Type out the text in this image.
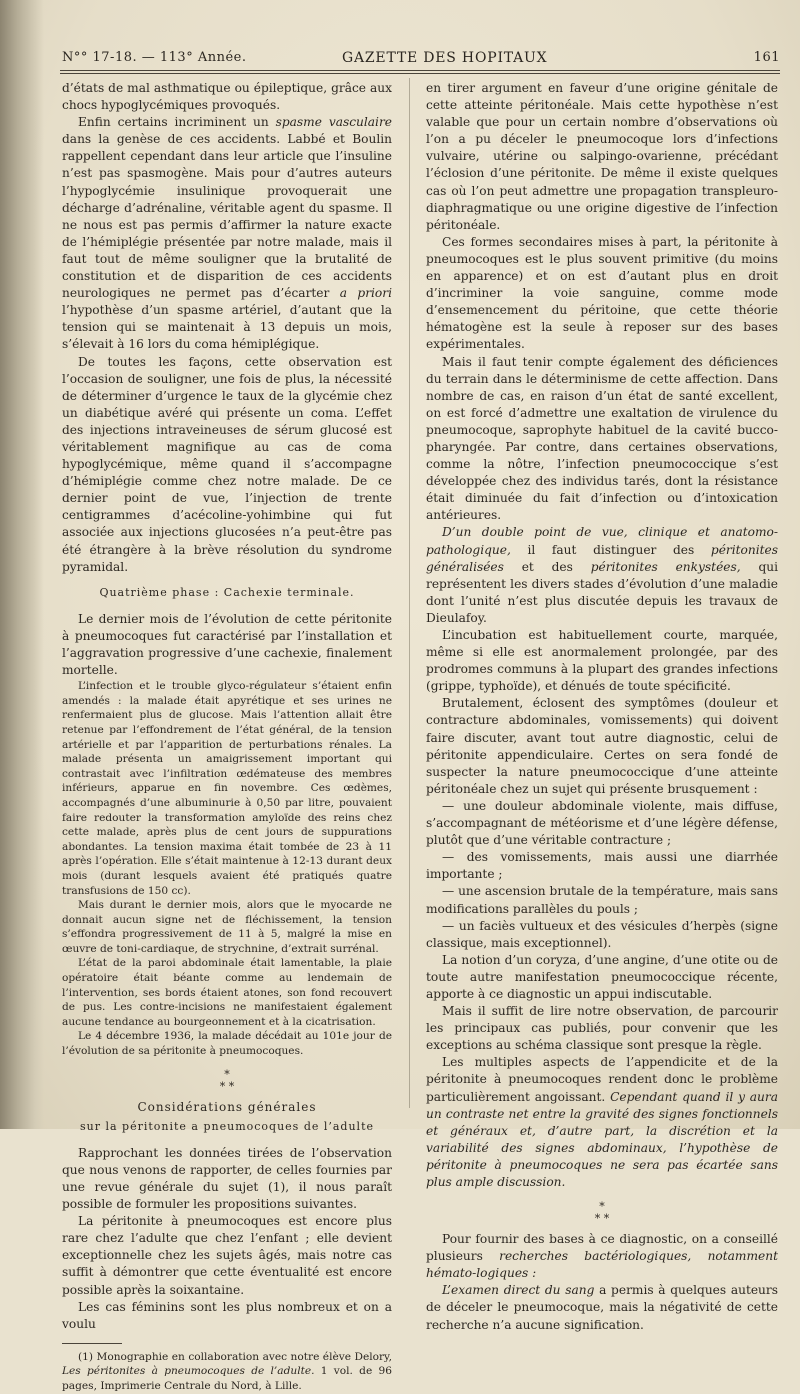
N°° 17-18. — 113° Année.	GAZETTE DES HOPITAUX	161

d’états de mal asthmatique ou épileptique, grâce aux chocs hypoglycémiques provoqués.

Enfin certains incriminent un spasme vasculaire dans la genèse de ces accidents. Labbé et Boulin rappellent cependant dans leur article que l’insuline n’est pas spasmogène. Mais pour d’autres auteurs l’hypoglycémie insulinique provoquerait une décharge d’adrénaline, véritable agent du spasme. Il ne nous est pas permis d’affirmer la nature exacte de l’hémiplégie présentée par notre malade, mais il faut tout de même souligner que la brutalité de constitution et de disparition de ces accidents neurologiques ne permet pas d’écarter a priori l’hypothèse d’un spasme artériel, d’autant que la tension qui se maintenait à 13 depuis un mois, s’élevait à 16 lors du coma hémiplégique.

De toutes les façons, cette observation est l’occasion de souligner, une fois de plus, la nécessité de déterminer d’urgence le taux de la glycémie chez un diabétique avéré qui présente un coma. L’effet des injections intraveineuses de sérum glucosé est véritablement magnifique au cas de coma hypoglycémique, même quand il s’accompagne d’hémiplégie comme chez notre malade. De ce dernier point de vue, l’injection de trente centigrammes d’acécolinе-yohimbine qui fut associée aux injections glucosées n’a peut-être pas été étrangère à la brève résolution du syndrome pyramidal.

Quatrième phase : Cachexie terminale.

Le dernier mois de l’évolution de cette péritonite à pneumocoques fut caractérisé par l’installation et l’aggravation progressive d’une cachexie, finalement mortelle.

L’infection et le trouble glyco-régulateur s’étaient enfin amendés : la malade était apyrétique et ses urines ne renfermaient plus de glucose. Mais l’attention allait être retenue par l’effondrement de l’état général, de la tension artérielle et par l’apparition de perturbations rénales. La malade présenta un amaigrissement important qui contrastait avec l’infiltration œdémateuse des membres inférieurs, apparue en fin novembre. Ces œdèmes, accompagnés d’une albuminurie à 0,50 par litre, pouvaient faire redouter la transformation amyloïde des reins chez cette malade, après plus de cent jours de suppurations abondantes. La tension maxima était tombée de 23 à 11 après l’opération. Elle s’était maintenue à 12-13 durant deux mois (durant lesquels avaient été pratiqués quatre transfusions de 150 cc).

Mais durant le dernier mois, alors que le myocarde ne donnait aucun signe net de fléchissement, la tension s’effondra progressivement de 11 à 5, malgré la mise en œuvre de toni-cardiaque, de strychnine, d’extrait surrénal.

L’état de la paroi abdominale était lamentable, la plaie opératoire était béante comme au lendemain de l’intervention, ses bords étaient atones, son fond recouvert de pus. Les contre-incisions ne manifestaient également aucune tendance au bourgeonnement et à la cicatrisation.

Le 4 décembre 1936, la malade décédait au 101e jour de l’évolution de sa péritonite à pneumocoques.

*
* *
Considérations générales
sur la péritonite a pneumocoques de l’adulte

Rapprochant les données tirées de l’observation que nous venons de rapporter, de celles fournies par une revue générale du sujet (1), il nous paraît possible de formuler les propositions suivantes.

La péritonite à pneumocoques est encore plus rare chez l’adulte que chez l’enfant ; elle devient exceptionnelle chez les sujets âgés, mais notre cas suffit à démontrer que cette éventualité est encore possible après la soixantaine.

Les cas féminins sont les plus nombreux et on a voulu

(1) Monographie en collaboration avec notre élève Delory, Les péritonites à pneumocoques de l’adulte. 1 vol. de 96 pages, Imprimerie Centrale du Nord, à Lille.

en tirer argument en faveur d’une origine génitale de cette atteinte péritonéale. Mais cette hypothèse n’est valable que pour un certain nombre d’observations où l’on a pu déceler le pneumocoque lors d’infections vulvaire, utérine ou salpingo-ovarienne, précédant l’éclosion d’une péritonite. De même il existe quelques cas où l’on peut admettre une propagation transpleuro-diaphragmatique ou une origine digestive de l’infection péritonéale.

Ces formes secondaires mises à part, la péritonite à pneumocoques est le plus souvent primitive (du moins en apparence) et on est d’autant plus en droit d’incriminer la voie sanguine, comme mode d’ensemencement du péritoine, que cette théorie hématogène est la seule à reposer sur des bases expérimentales.

Mais il faut tenir compte également des déficiences du terrain dans le déterminisme de cette affection. Dans nombre de cas, en raison d’un état de santé excellent, on est forcé d’admettre une exaltation de virulence du pneumocoque, saprophyte habituel de la cavité bucco-pharyngée. Par contre, dans certaines observations, comme la nôtre, l’infection pneumococcique s’est développée chez des individus tarés, dont la résistance était diminuée du fait d’infection ou d’intoxication antérieures.

D’un double point de vue, clinique et anatomo-pathologique, il faut distinguer des péritonites généralisées et des péritonites enkystées, qui représentent les divers stades d’évolution d’une maladie dont l’unité n’est plus discutée depuis les travaux de Dieulafoy.

L’incubation est habituellement courte, marquée, même si elle est anormalement prolongée, par des prodromes communs à la plupart des grandes infections (grippe, typhoïde), et dénués de toute spécificité.

Brutalement, éclosent des symptômes (douleur et contracture abdominales, vomissements) qui doivent faire discuter, avant tout autre diagnostic, celui de péritonite appendiculaire. Certes on sera fondé de suspecter la nature pneumococcique d’une atteinte péritonéale chez un sujet qui présente brusquement :

— une douleur abdominale violente, mais diffuse, s’accompagnant de météorisme et d’une légère défense, plutôt que d’une véritable contracture ;

— des vomissements, mais aussi une diarrhée importante ;

— une ascension brutale de la température, mais sans modifications parallèles du pouls ;

— un faciès vultueux et des vésicules d’herpès (signe classique, mais exceptionnel).

La notion d’un coryza, d’une angine, d’une otite ou de toute autre manifestation pneumococcique récente, apporte à ce diagnostic un appui indiscutable.

Mais il suffit de lire notre observation, de parcourir les principaux cas publiés, pour convenir que les exceptions au schéma classique sont presque la règle.

Les multiples aspects de l’appendicite et de la péritonite à pneumocoques rendent donc le problème particulièrement angoissant. Cependant quand il y aura un contraste net entre la gravité des signes fonctionnels et généraux et, d’autre part, la discrétion et la variabilité des signes abdominaux, l’hypothèse de péritonite à pneumocoques ne sera pas écartée sans plus ample discussion.

*
* *

Pour fournir des bases à ce diagnostic, on a conseillé plusieurs recherches bactériologiques, notamment hémato-logiques :

L’examen direct du sang a permis à quelques auteurs de déceler le pneumocoque, mais la négativité de cette recherche n’a aucune signification.
